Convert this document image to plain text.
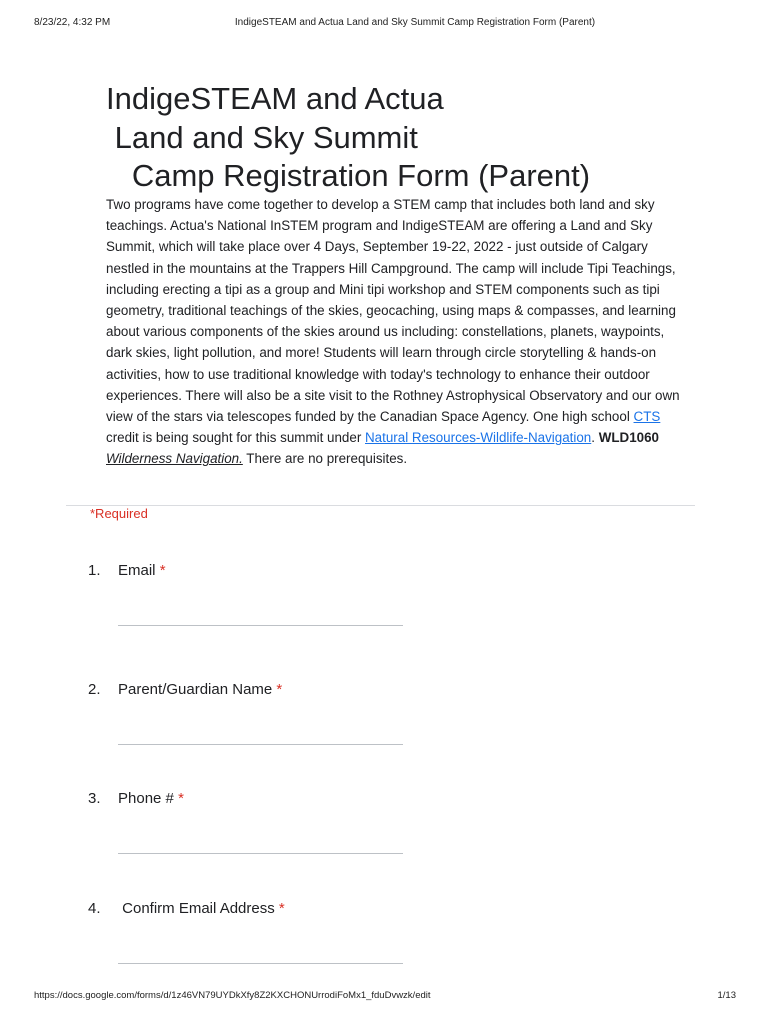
8/23/22, 4:32 PM	IndigeSTEAM and Actua Land and Sky Summit Camp Registration Form (Parent)
IndigeSTEAM and Actua
Land and Sky Summit
Camp Registration Form (Parent)
Two programs have come together to develop a STEM camp that includes both land and sky teachings. Actua's National InSTEM program and IndigeSTEAM are offering a Land and Sky Summit, which will take place over 4 Days, September 19-22, 2022 - just outside of Calgary nestled in the mountains at the Trappers Hill Campground. The camp will include Tipi Teachings, including erecting a tipi as a group and Mini tipi workshop and STEM components such as tipi geometry, traditional teachings of the skies, geocaching, using maps & compasses, and learning about various components of the skies around us including: constellations, planets, waypoints, dark skies, light pollution, and more! Students will learn through circle storytelling & hands-on activities, how to use traditional knowledge with today's technology to enhance their outdoor experiences. There will also be a site visit to the Rothney Astrophysical Observatory and our own view of the stars via telescopes funded by the Canadian Space Agency. One high school CTS credit is being sought for this summit under Natural Resources-Wildlife-Navigation. WLD1060 Wilderness Navigation. There are no prerequisites.
*Required
1. Email *
2. Parent/Guardian Name *
3. Phone # *
4. Confirm Email Address *
https://docs.google.com/forms/d/1z46VN79UYDkXfy8Z2KXCHONUrrodiFoMx1_fduDvwzk/edit	1/13
